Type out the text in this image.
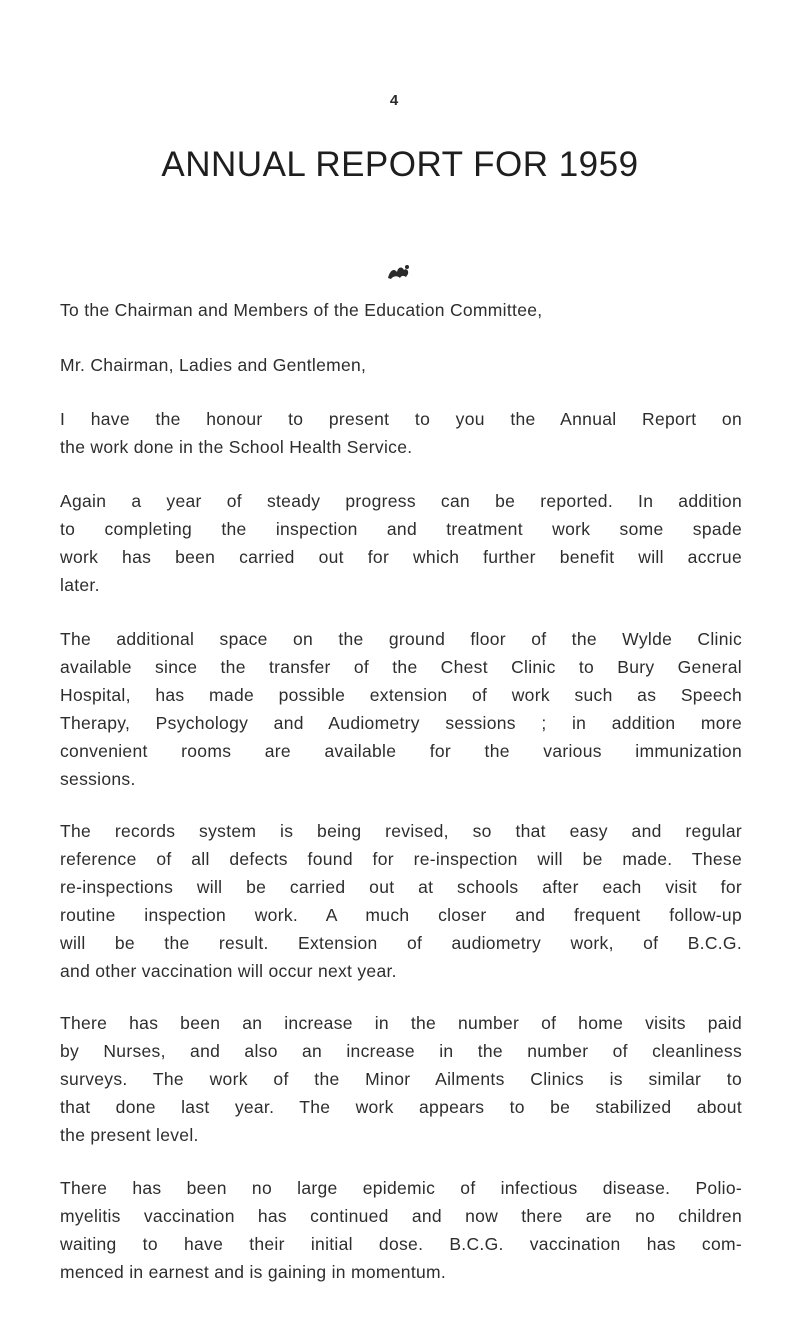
4
ANNUAL REPORT FOR 1959
To the Chairman and Members of the Education Committee,
Mr. Chairman, Ladies and Gentlemen,
I have the honour to present to you the Annual Report on
the work done in the School Health Service.
Again a year of steady progress can be reported. In addition
to completing the inspection and treatment work some spade
work has been carried out for which further benefit will accrue
later.
The additional space on the ground floor of the Wylde Clinic
available since the transfer of the Chest Clinic to Bury General
Hospital, has made possible extension of work such as Speech
Therapy, Psychology and Audiometry sessions ; in addition more
convenient rooms are available for the various immunization
sessions.
The records system is being revised, so that easy and regular
reference of all defects found for re-inspection will be made. These
re-inspections will be carried out at schools after each visit for
routine inspection work. A much closer and frequent follow-up
will be the result. Extension of audiometry work, of B.C.G.
and other vaccination will occur next year.
There has been an increase in the number of home visits paid
by Nurses, and also an increase in the number of cleanliness
surveys. The work of the Minor Ailments Clinics is similar to
that done last year. The work appears to be stabilized about
the present level.
There has been no large epidemic of infectious disease. Polio-
myelitis vaccination has continued and now there are no children
waiting to have their initial dose. B.C.G. vaccination has com-
menced in earnest and is gaining in momentum.
